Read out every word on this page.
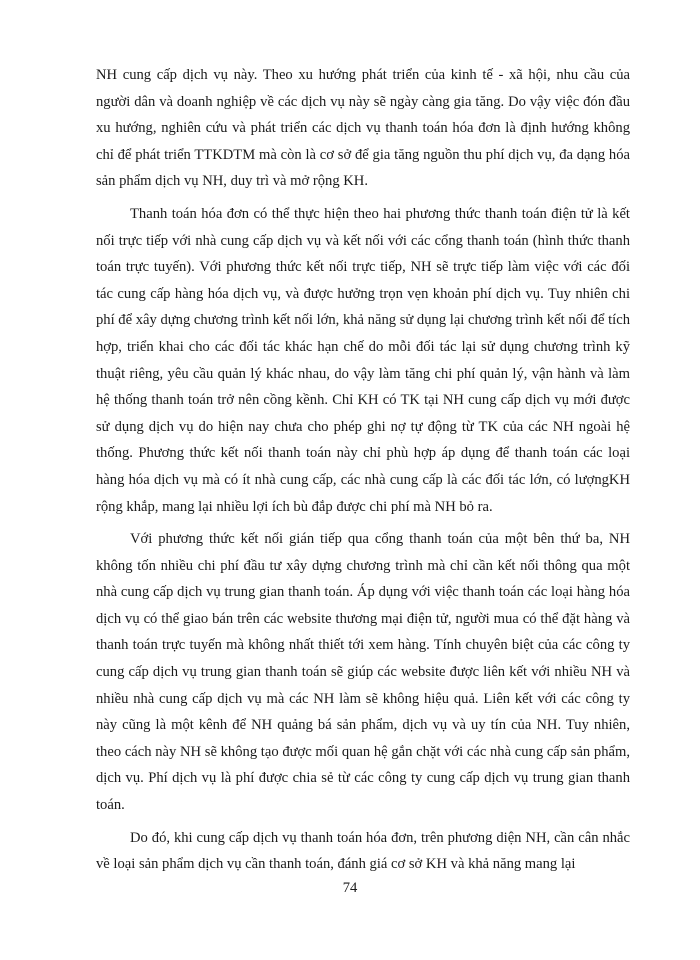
NH cung cấp dịch vụ này. Theo xu hướng phát triển của kinh tế - xã hội, nhu cầu của người dân và doanh nghiệp về các dịch vụ này sẽ ngày càng gia tăng. Do vậy việc đón đầu xu hướng, nghiên cứu và phát triển các dịch vụ thanh toán hóa đơn là định hướng không chỉ để phát triển TTKDTM mà còn là cơ sở để gia tăng nguồn thu phí dịch vụ, đa dạng hóa sản phẩm dịch vụ NH, duy trì và mở rộng KH.

Thanh toán hóa đơn có thể thực hiện theo hai phương thức thanh toán điện tử là kết nối trực tiếp với nhà cung cấp dịch vụ và kết nối với các cổng thanh toán (hình thức thanh toán trực tuyến). Với phương thức kết nối trực tiếp, NH sẽ trực tiếp làm việc với các đối tác cung cấp hàng hóa dịch vụ, và được hưởng trọn vẹn khoản phí dịch vụ. Tuy nhiên chi phí để xây dựng chương trình kết nối lớn, khả năng sử dụng lại chương trình kết nối để tích hợp, triển khai cho các đối tác khác hạn chế do mỗi đối tác lại sử dụng chương trình kỹ thuật riêng, yêu cầu quản lý khác nhau, do vậy làm tăng chi phí quản lý, vận hành và làm hệ thống thanh toán trở nên cồng kềnh. Chỉ KH có TK tại NH cung cấp dịch vụ mới được sử dụng dịch vụ do hiện nay chưa cho phép ghi nợ tự động từ TK của các NH ngoài hệ thống. Phương thức kết nối thanh toán này chỉ phù hợp áp dụng để thanh toán các loại hàng hóa dịch vụ mà có ít nhà cung cấp, các nhà cung cấp là các đối tác lớn, có lượngKH rộng khắp, mang lại nhiều lợi ích bù đắp được chi phí mà NH bỏ ra.

Với phương thức kết nối gián tiếp qua cổng thanh toán của một bên thứ ba, NH không tốn nhiều chi phí đầu tư xây dựng chương trình mà chỉ cần kết nối thông qua một nhà cung cấp dịch vụ trung gian thanh toán. Áp dụng với việc thanh toán các loại hàng hóa dịch vụ có thể giao bán trên các website thương mại điện tử, người mua có thể đặt hàng và thanh toán trực tuyến mà không nhất thiết tới xem hàng. Tính chuyên biệt của các công ty cung cấp dịch vụ trung gian thanh toán sẽ giúp các website được liên kết với nhiều NH và nhiều nhà cung cấp dịch vụ mà các NH làm sẽ không hiệu quả. Liên kết với các công ty này cũng là một kênh để NH quảng bá sản phẩm, dịch vụ và uy tín của NH. Tuy nhiên, theo cách này NH sẽ không tạo được mối quan hệ gắn chặt với các nhà cung cấp sản phẩm, dịch vụ. Phí dịch vụ là phí được chia sẻ từ các công ty cung cấp dịch vụ trung gian thanh toán.

Do đó, khi cung cấp dịch vụ thanh toán hóa đơn, trên phương diện NH, cần cân nhắc về loại sản phẩm dịch vụ cần thanh toán, đánh giá cơ sở KH và khả năng mang lại

74
